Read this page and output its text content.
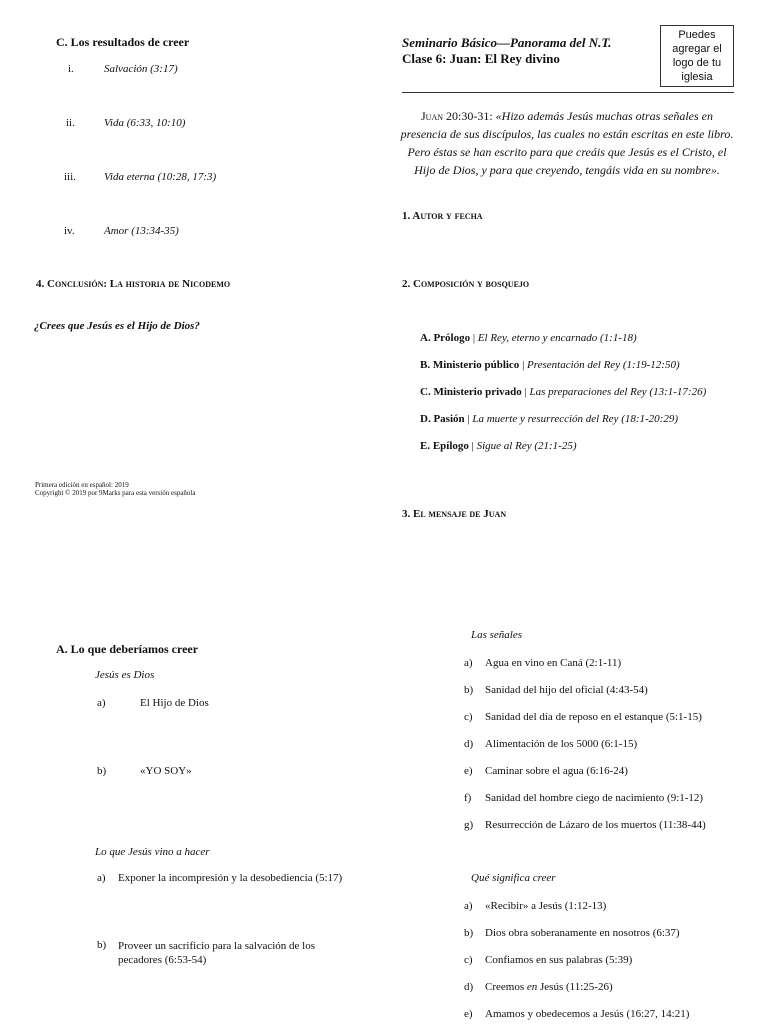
Seminario Básico—Panorama del N.T.
Clase 6: Juan: El Rey divino
Puedes agregar el logo de tu iglesia
Juan 20:30-31: «Hizo además Jesús muchas otras señales en presencia de sus discípulos, las cuales no están escritas en este libro. Pero éstas se han escrito para que creáis que Jesús es el Cristo, el Hijo de Dios, y para que creyendo, tengáis vida en su nombre».
C. Los resultados de creer
i.	Salvación (3:17)
ii.	Vida (6:33, 10:10)
iii.	Vida eterna (10:28, 17:3)
iv.	Amor (13:34-35)
4. Conclusión: La historia de Nicodemo
¿Crees que Jesús es el Hijo de Dios?
Primera edición en español: 2019
Copyright © 2019 por 9Marks para esta versión española
1. Autor y fecha
2. Composición y bosquejo
A. Prólogo | El Rey, eterno y encarnado (1:1-18)
B. Ministerio público | Presentación del Rey (1:19-12:50)
C. Ministerio privado | Las preparaciones del Rey (13:1-17:26)
D. Pasión | La muerte y resurrección del Rey (18:1-20:29)
E. Epílogo | Sigue al Rey (21:1-25)
3. El mensaje de Juan
A. Lo que deberíamos creer
Jesús es Dios
a)	El Hijo de Dios
b)	«YO SOY»
Lo que Jesús vino a hacer
a) Exponer la incompresión y la desobediencia (5:17)
b) Proveer un sacrificio para la salvación de los pecadores (6:53-54)
Las señales
a) Agua en vino en Caná (2:1-11)
b) Sanidad del hijo del oficial (4:43-54)
c) Sanidad del día de reposo en el estanque (5:1-15)
d) Alimentación de los 5000 (6:1-15)
e) Caminar sobre el agua (6:16-24)
f) Sanidad del hombre ciego de nacimiento (9:1-12)
g) Resurrección de Lázaro de los muertos (11:38-44)
Qué significa creer
a) «Recibir» a Jesús (1:12-13)
b) Dios obra soberanamente en nosotros (6:37)
c) Confiamos en sus palabras (5:39)
d) Creemos en Jesús (11:25-26)
e) Amamos y obedecemos a Jesús (16:27, 14:21)
